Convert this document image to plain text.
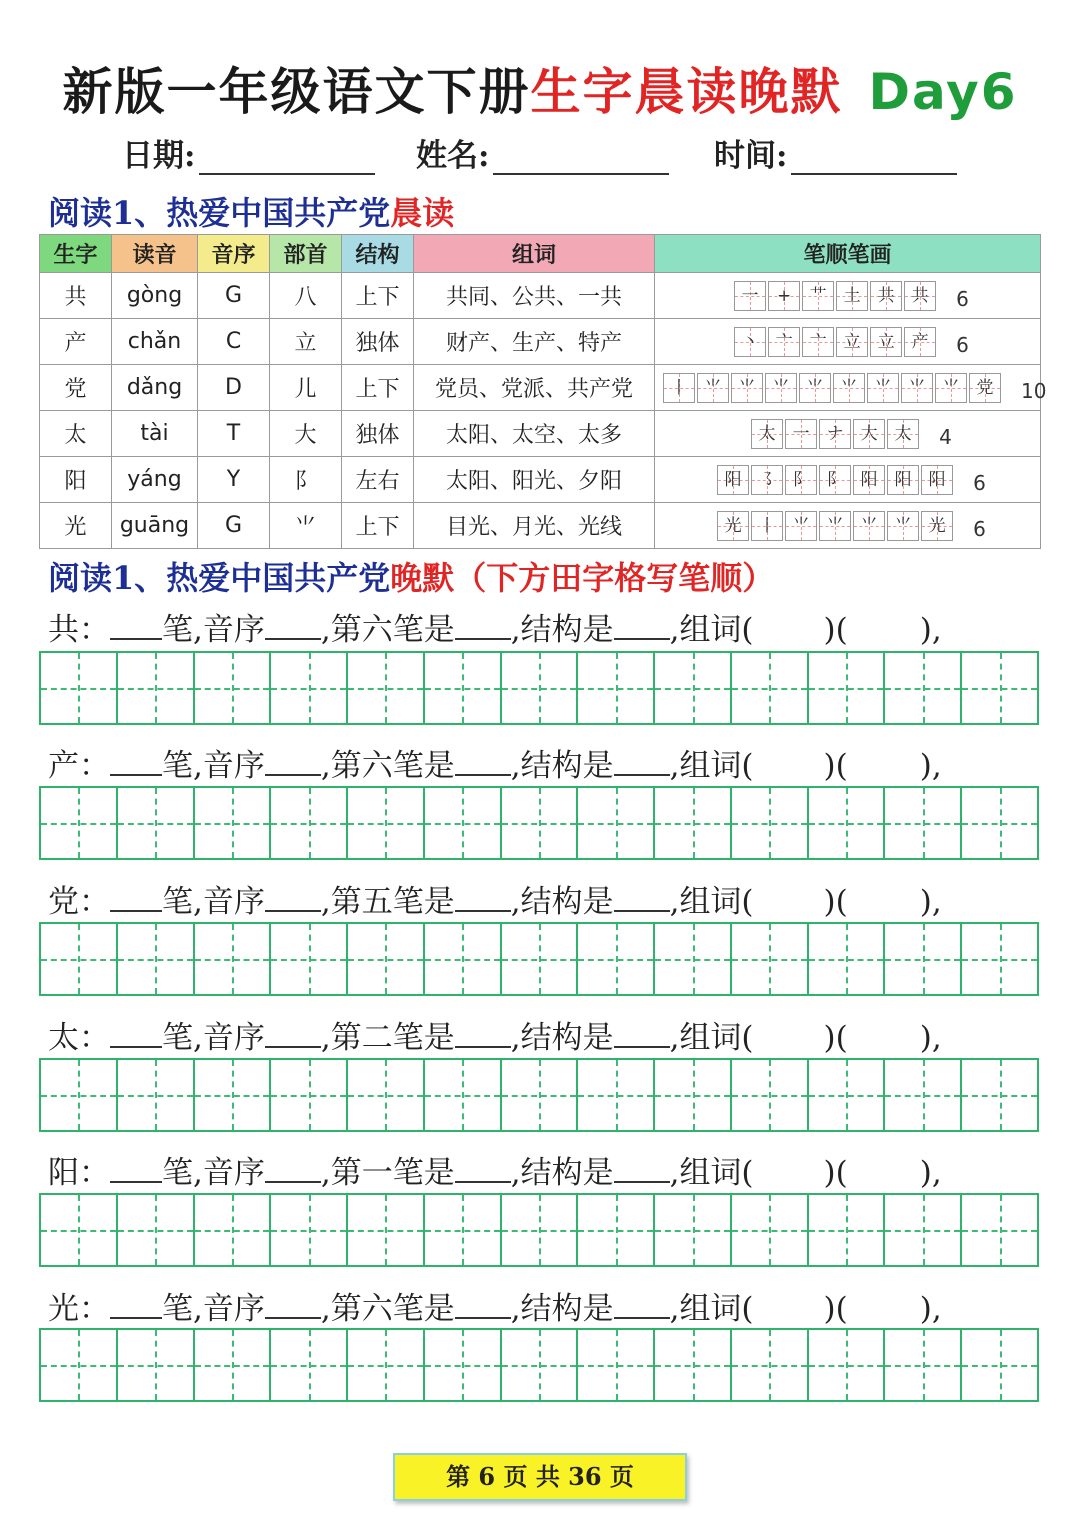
新版一年级语文下册生字晨读晚默 Day6
日期:	姓名:	时间:
阅读1、热爱中国共产党晨读
生字	读音	音序	部首	结构	组词	笔顺笔画
共	gòng	G	八	上下	共同、公共、一共	一 + 艹 土 共 共 6

产	chǎn	C	立	独体	财产、生产、特产	丶 亠 亠 立 立 产 6

党	dǎng	D	儿	上下	党员、党派、共产党	丨 ⺌ ⺌ ⺌ ⺌ ⺌ ⺌ ⺌ ⺌ 党 10

太	tài	T	大	独体	太阳、太空、太多	太 一 ナ 大 太 4

阳	yáng	Y	阝	左右	太阳、阳光、夕阳	阳 ㇌ 阝 阝 阳 阳 阳 6

光	guāng	G	⺌	上下	目光、月光、光线	光 丨 ⺌ ⺌ ⺌ ⺌ 光 6
阅读1、热爱中国共产党晚默（下方田字格写笔顺）
共： 笔,音序 ,第六笔是 ,结构是 ,组词( )( ),
产： 笔,音序 ,第六笔是 ,结构是 ,组词( )( ),
党： 笔,音序 ,第五笔是 ,结构是 ,组词( )( ),
太： 笔,音序 ,第二笔是 ,结构是 ,组词( )( ),
阳： 笔,音序 ,第一笔是 ,结构是 ,组词( )( ),
光： 笔,音序 ,第六笔是 ,结构是 ,组词( )( ),
第 6 页 共 36 页
